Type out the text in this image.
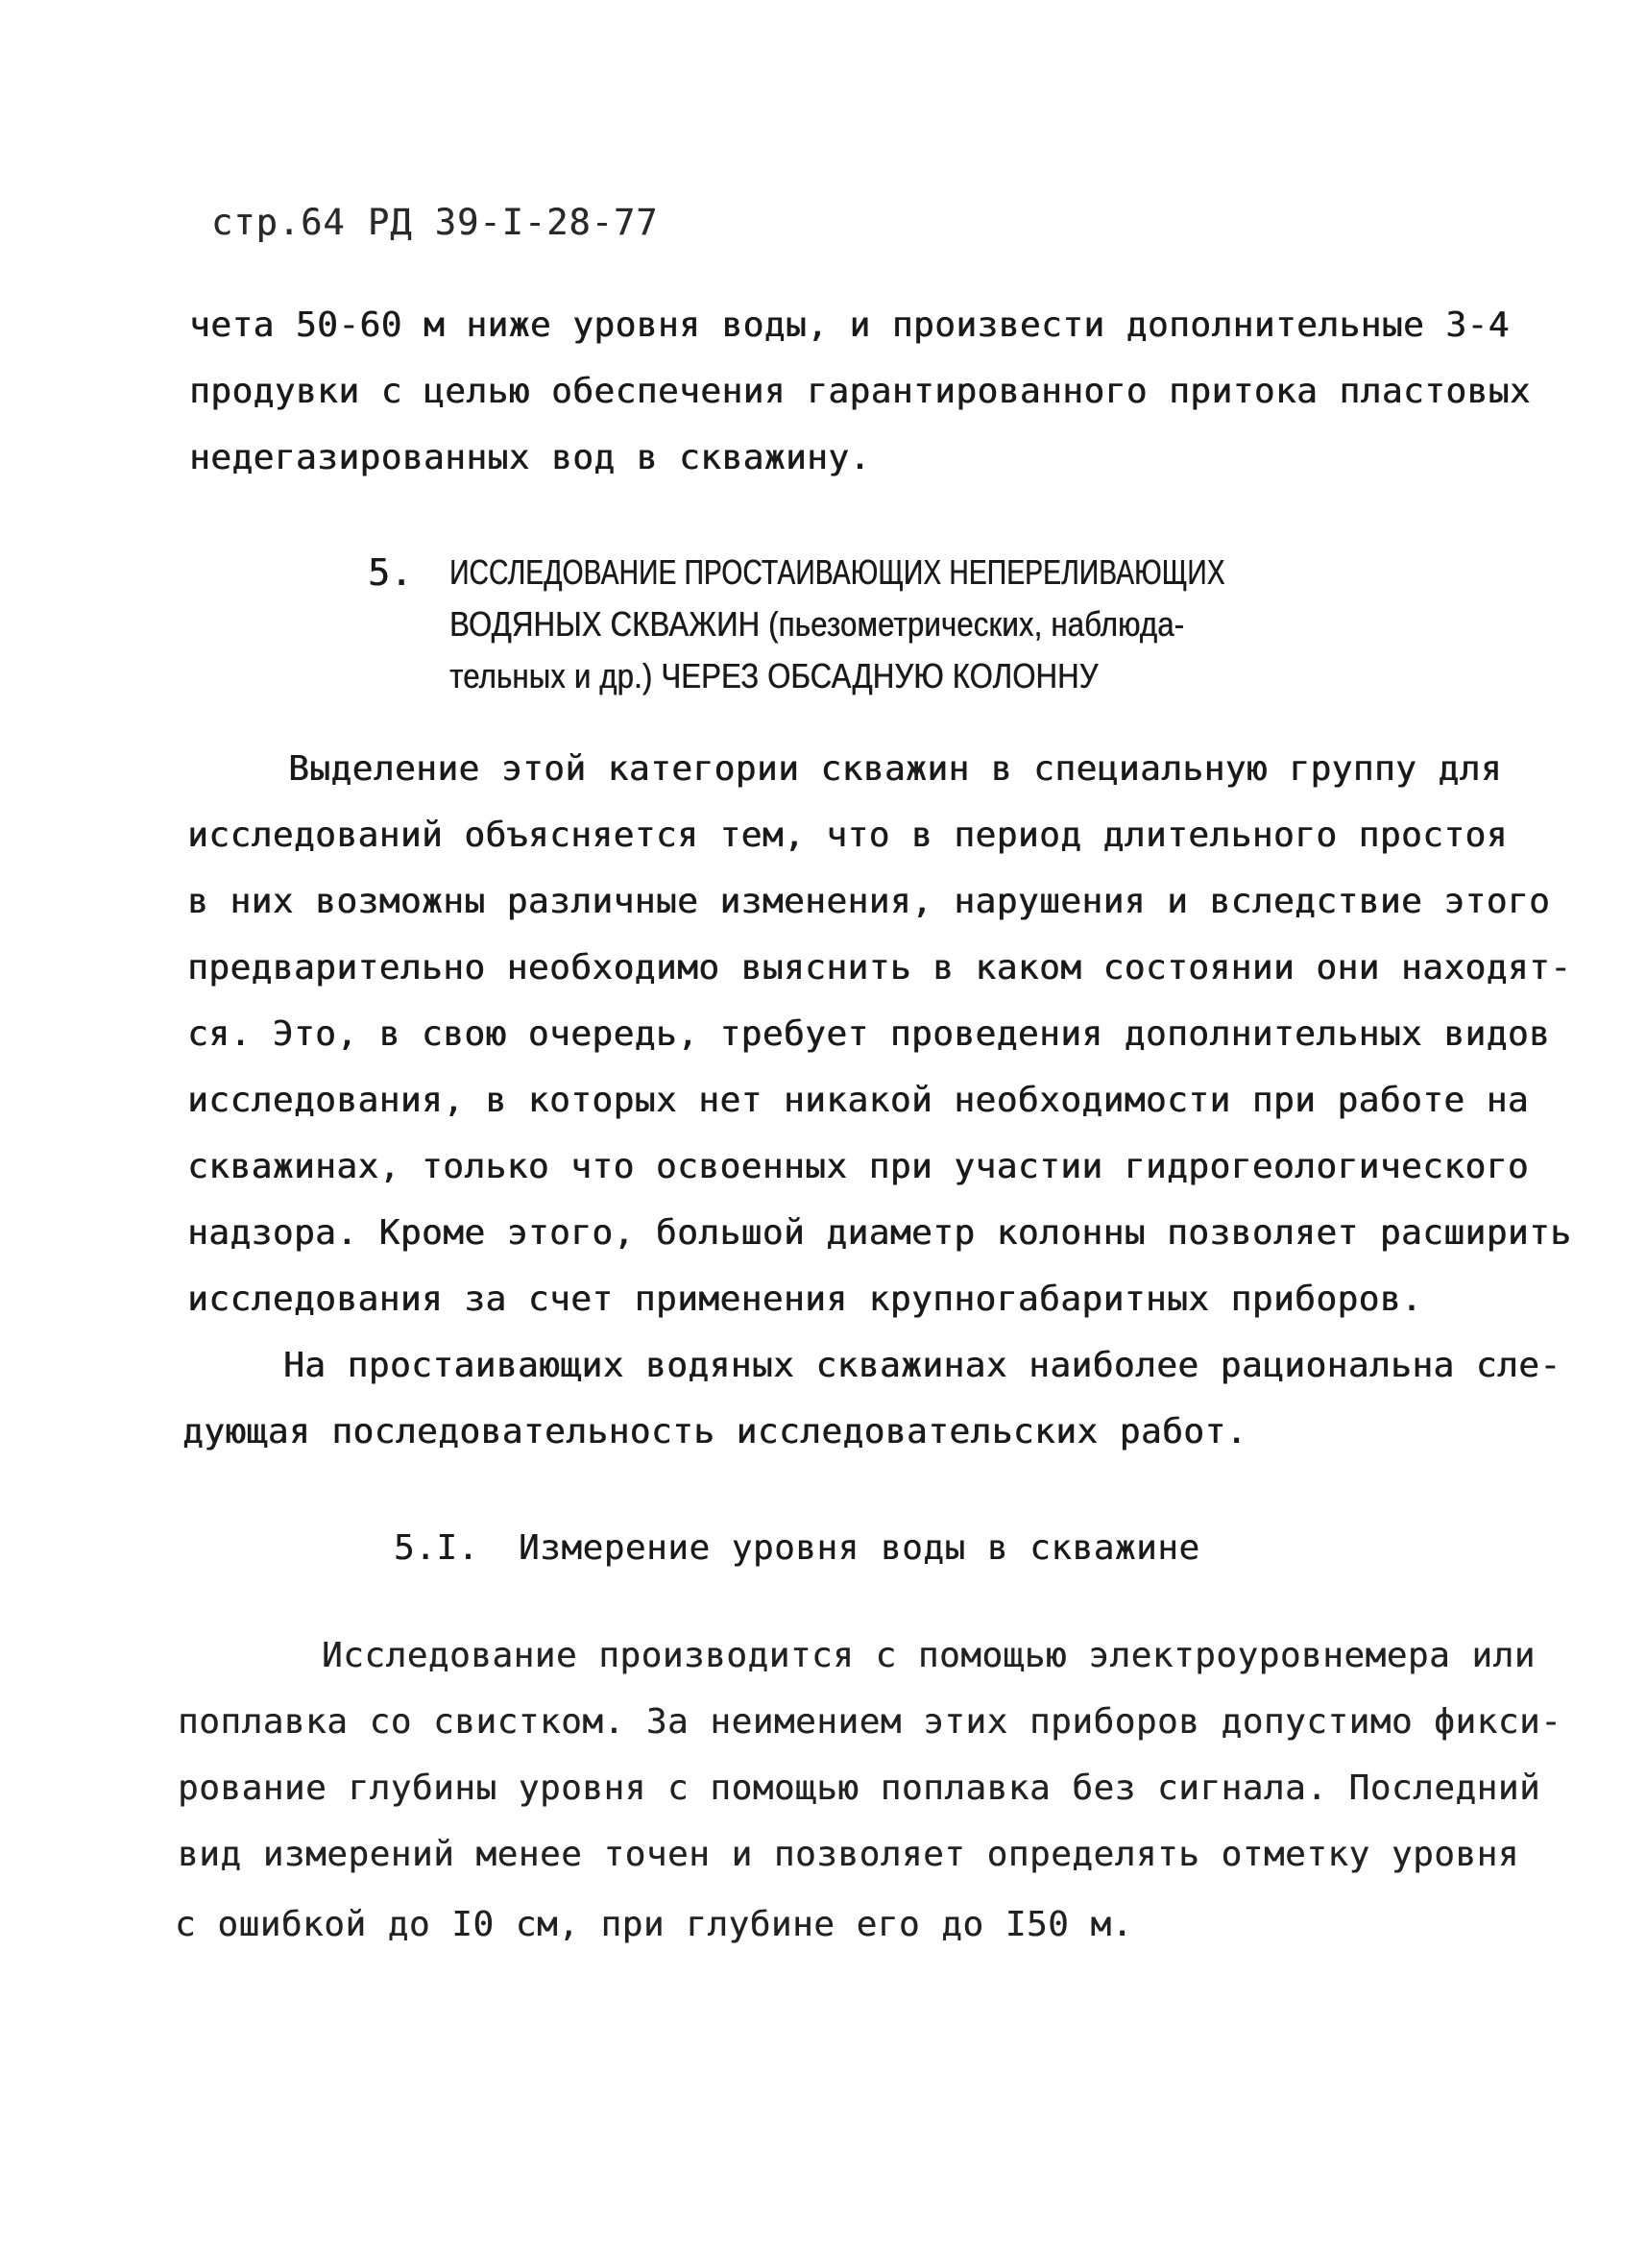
стр.64 РД 39-I-28-77
чета 50-60 м ниже уровня воды, и произвести дополнительные 3-4
продувки с целью обеспечения гарантированного притока пластовых
недегазированных вод в скважину.
5. ИССЛЕДОВАНИЕ ПРОСТАИВАЮЩИХ НЕПЕРЕЛИВАЮЩИХ
ВОДЯНЫХ СКВАЖИН (пьезометрических, наблюда-
тельных и др.) ЧЕРЕЗ ОБСАДНУЮ КОЛОННУ
Выделение этой категории скважин в специальную группу для
исследований объясняется тем, что в период длительного простоя
в них возможны различные изменения, нарушения и вследствие этого
предварительно необходимо выяснить в каком состоянии они находят-
ся. Это, в свою очередь, требует проведения дополнительных видов
исследования, в которых нет никакой необходимости при работе на
скважинах, только что освоенных при участии гидрогеологического
надзора. Кроме этого, большой диаметр колонны позволяет расширить
исследования за счет применения крупногабаритных приборов.
На простаивающих водяных скважинах наиболее рациональна сле-
дующая последовательность исследовательских работ.
5.I. Измерение уровня воды в скважине
Исследование производится с помощью электроуровнемера или
поплавка со свистком. За неимением этих приборов допустимо фикси-
рование глубины уровня с помощью поплавка без сигнала. Последний
вид измерений менее точен и позволяет определять отметку уровня
с ошибкой до I0 см, при глубине его до I50 м.
